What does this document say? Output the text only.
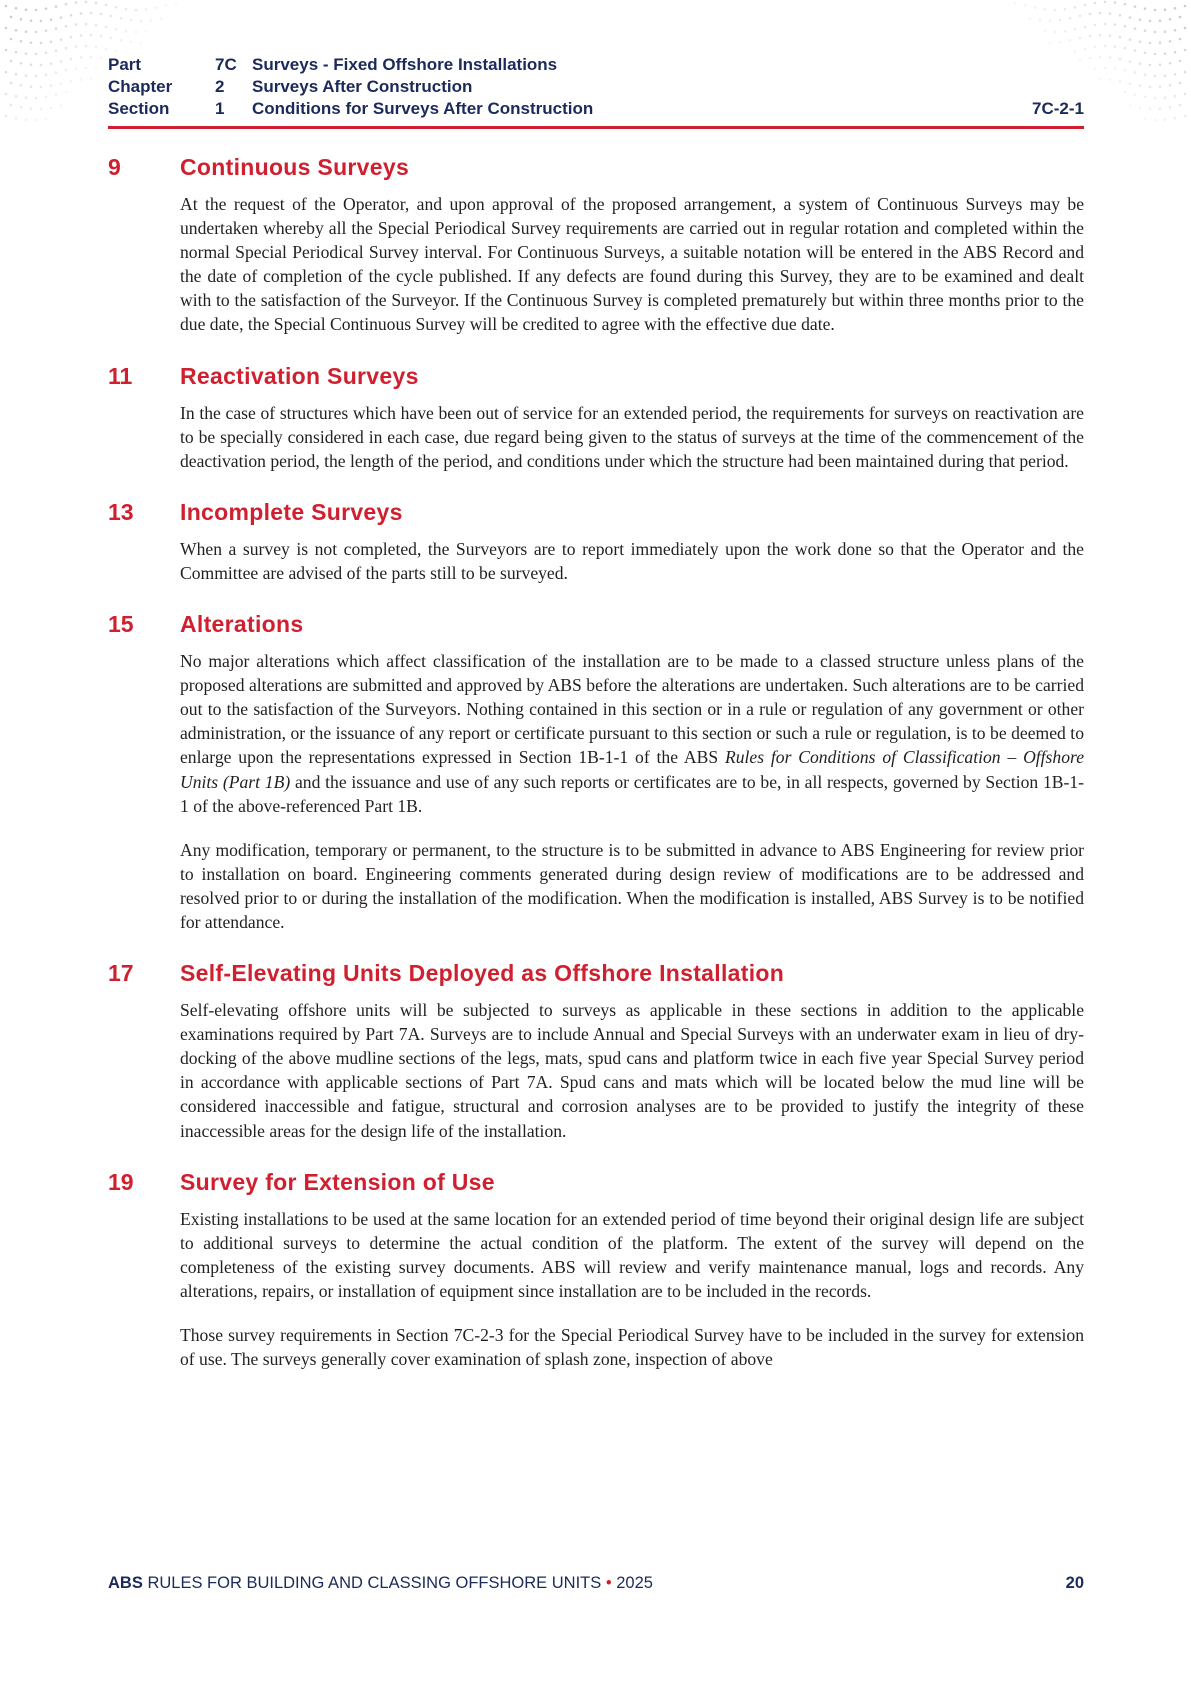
Part	7C Surveys - Fixed Offshore Installations
Chapter	2 Surveys After Construction
Section	1 Conditions for Surveys After Construction	7C-2-1
9	Continuous Surveys

At the request of the Operator, and upon approval of the proposed arrangement, a system of Continuous Surveys may be undertaken whereby all the Special Periodical Survey requirements are carried out in regular rotation and completed within the normal Special Periodical Survey interval. For Continuous Surveys, a suitable notation will be entered in the ABS Record and the date of completion of the cycle published. If any defects are found during this Survey, they are to be examined and dealt with to the satisfaction of the Surveyor. If the Continuous Survey is completed prematurely but within three months prior to the due date, the Special Continuous Survey will be credited to agree with the effective due date.

11 Reactivation Surveys

In the case of structures which have been out of service for an extended period, the requirements for surveys on reactivation are to be specially considered in each case, due regard being given to the status of surveys at the time of the commencement of the deactivation period, the length of the period, and conditions under which the structure had been maintained during that period.

13 Incomplete Surveys

When a survey is not completed, the Surveyors are to report immediately upon the work done so that the Operator and the Committee are advised of the parts still to be surveyed.

15 Alterations

No major alterations which affect classification of the installation are to be made to a classed structure unless plans of the proposed alterations are submitted and approved by ABS before the alterations are undertaken. Such alterations are to be carried out to the satisfaction of the Surveyors. Nothing contained in this section or in a rule or regulation of any government or other administration, or the issuance of any report or certificate pursuant to this section or such a rule or regulation, is to be deemed to enlarge upon the representations expressed in Section 1B-1-1 of the ABS Rules for Conditions of Classification – Offshore Units (Part 1B) and the issuance and use of any such reports or certificates are to be, in all respects, governed by Section 1B-1-1 of the above-referenced Part 1B.

Any modification, temporary or permanent, to the structure is to be submitted in advance to ABS Engineering for review prior to installation on board. Engineering comments generated during design review of modifications are to be addressed and resolved prior to or during the installation of the modification. When the modification is installed, ABS Survey is to be notified for attendance.

17 Self-Elevating Units Deployed as Offshore Installation

Self-elevating offshore units will be subjected to surveys as applicable in these sections in addition to the applicable examinations required by Part 7A. Surveys are to include Annual and Special Surveys with an underwater exam in lieu of dry-docking of the above mudline sections of the legs, mats, spud cans and platform twice in each five year Special Survey period in accordance with applicable sections of Part 7A. Spud cans and mats which will be located below the mud line will be considered inaccessible and fatigue, structural and corrosion analyses are to be provided to justify the integrity of these inaccessible areas for the design life of the installation.

19 Survey for Extension of Use

Existing installations to be used at the same location for an extended period of time beyond their original design life are subject to additional surveys to determine the actual condition of the platform. The extent of the survey will depend on the completeness of the existing survey documents. ABS will review and verify maintenance manual, logs and records. Any alterations, repairs, or installation of equipment since installation are to be included in the records.

Those survey requirements in Section 7C-2-3 for the Special Periodical Survey have to be included in the survey for extension of use. The surveys generally cover examination of splash zone, inspection of above

ABS RULES FOR BUILDING AND CLASSING OFFSHORE UNITS • 2025	20
